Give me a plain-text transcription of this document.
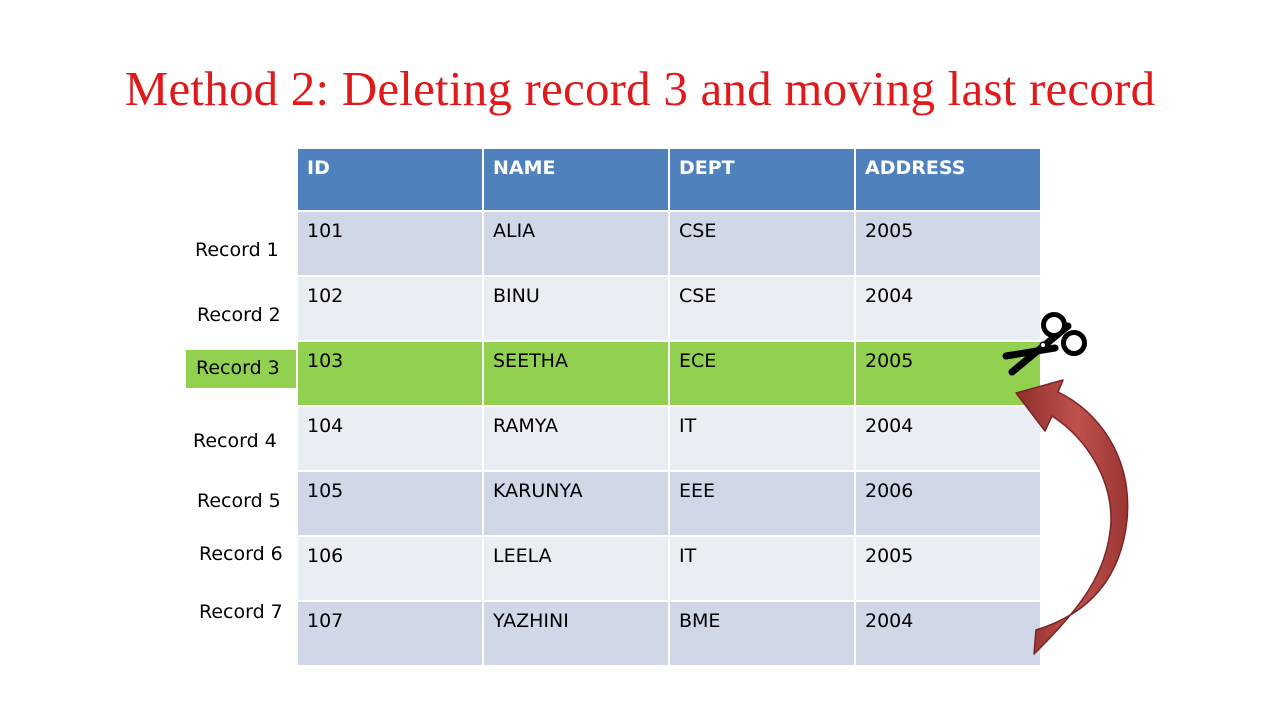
Method 2: Deleting record 3 and moving last record
ID	NAME	DEPT	ADDRESS
101	ALIA	CSE	2005
102	BINU	CSE	2004
103	SEETHA	ECE	2005
104	RAMYA	IT	2004
105	KARUNYA	EEE	2006
106	LEELA	IT	2005
107	YAZHINI	BME	2004
Record 1
Record 2
Record 3
Record 4
Record 5
Record 6
Record 7
